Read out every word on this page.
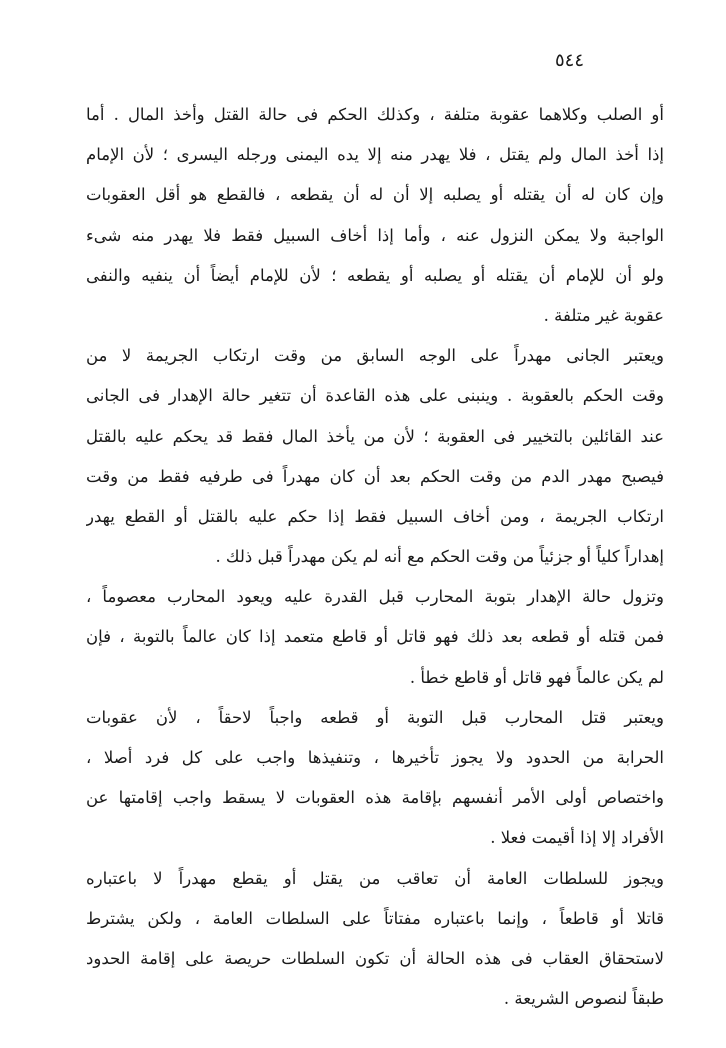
٥٤٤
أو الصلب وكلاهما عقوبة متلفة ، وكذلك الحكم فى حالة القتل وأخذ المال . أما
إذا أخذ المال ولم يقتل ، فلا يهدر منه إلا يده اليمنى ورجله اليسرى ؛ لأن الإمام
وإن كان له أن يقتله أو يصلبه إلا أن له أن يقطعه ، فالقطع هو أقل العقوبات
الواجبة ولا يمكن النزول عنه ، وأما إذا أخاف السبيل فقط فلا يهدر منه شىء
ولو أن للإمام أن يقتله أو يصلبه أو يقطعه ؛ لأن للإمام أيضاً أن ينفيه والنفى
عقوبة غير متلفة .
ويعتبر الجانى مهدراً على الوجه السابق من وقت ارتكاب الجريمة لا من
وقت الحكم بالعقوبة . وينبنى على هذه القاعدة أن تتغير حالة الإهدار فى الجانى
عند القائلين بالتخيير فى العقوبة ؛ لأن من يأخذ المال فقط قد يحكم عليه بالقتل
فيصبح مهدر الدم من وقت الحكم بعد أن كان مهدراً فى طرفيه فقط من وقت
ارتكاب الجريمة ، ومن أخاف السبيل فقط إذا حكم عليه بالقتل أو القطع يهدر
إهداراً كلياً أو جزئياً من وقت الحكم مع أنه لم يكن مهدراً قبل ذلك .
وتزول حالة الإهدار بتوبة المحارب قبل القدرة عليه ويعود المحارب معصوماً ،
فمن قتله أو قطعه بعد ذلك فهو قاتل أو قاطع متعمد إذا كان عالماً بالتوبة ، فإن
لم يكن عالماً فهو قاتل أو قاطع خطأ .
ويعتبر قتل المحارب قبل التوبة أو قطعه واجباً لاحقاً ، لأن عقوبات
الحرابة من الحدود ولا يجوز تأخيرها ، وتنفيذها واجب على كل فرد أصلا ،
واختصاص أولى الأمر أنفسهم بإقامة هذه العقوبات لا يسقط واجب إقامتها عن
الأفراد إلا إذا أقيمت فعلا .
ويجوز للسلطات العامة أن تعاقب من يقتل أو يقطع مهدراً لا باعتباره
قاتلا أو قاطعاً ، وإنما باعتباره مفتاتاً على السلطات العامة ، ولكن يشترط
لاستحقاق العقاب فى هذه الحالة أن تكون السلطات حريصة على إقامة الحدود
طبقاً لنصوص الشريعة .
